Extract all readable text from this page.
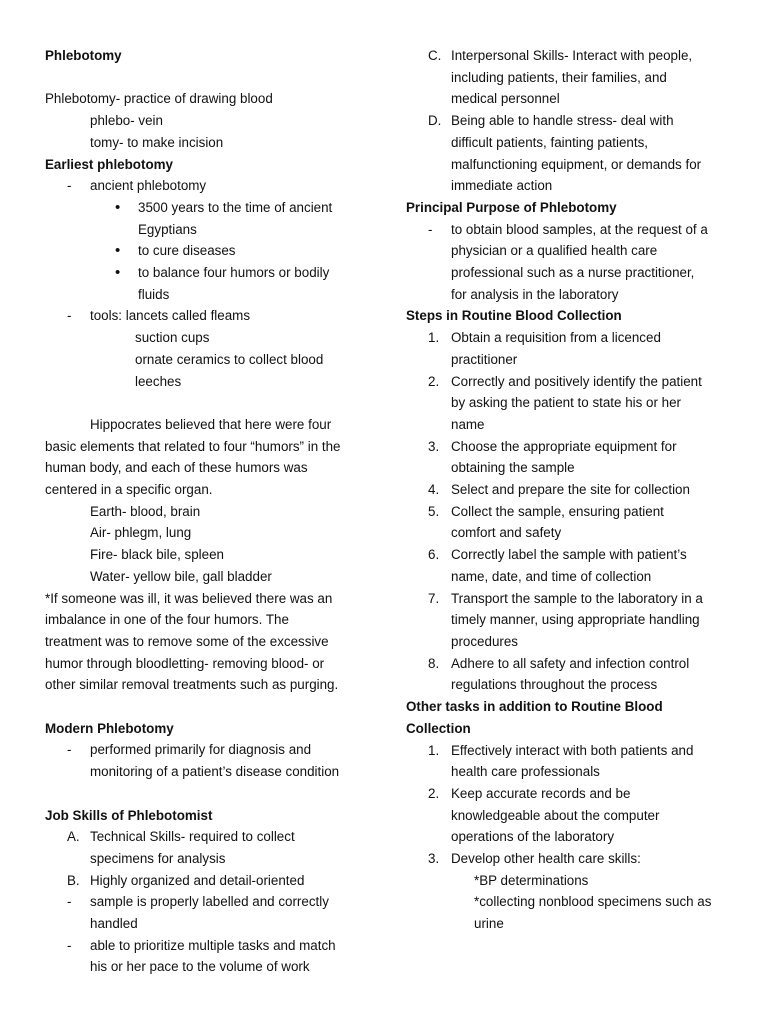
Phlebotomy
Phlebotomy- practice of drawing blood
phlebo- vein
tomy- to make incision
Earliest phlebotomy
-	ancient phlebotomy
•	3500 years to the time of ancient
Egyptians
•	to cure diseases
•	to balance four humors or bodily
fluids
-	tools: lancets called fleams
suction cups
ornate ceramics to collect blood
leeches
Hippocrates believed that here were four
basic elements that related to four “humors” in the
human body, and each of these humors was
centered in a specific organ.
Earth- blood, brain
Air- phlegm, lung
Fire- black bile, spleen
Water- yellow bile, gall bladder
*If someone was ill, it was believed there was an
imbalance in one of the four humors. The
treatment was to remove some of the excessive
humor through bloodletting- removing blood- or
other similar removal treatments such as purging.
Modern Phlebotomy
-	performed primarily for diagnosis and
monitoring of a patient’s disease condition
Job Skills of Phlebotomist
A. Technical Skills- required to collect
specimens for analysis
B. Highly organized and detail-oriented
-	sample is properly labelled and correctly
handled
-	able to prioritize multiple tasks and match
his or her pace to the volume of work
C. Interpersonal Skills- Interact with people,
including patients, their families, and
medical personnel
D. Being able to handle stress- deal with
difficult patients, fainting patients,
malfunctioning equipment, or demands for
immediate action
Principal Purpose of Phlebotomy
-	to obtain blood samples, at the request of a
physician or a qualified health care
professional such as a nurse practitioner,
for analysis in the laboratory
Steps in Routine Blood Collection
1. Obtain a requisition from a licenced
practitioner
2. Correctly and positively identify the patient
by asking the patient to state his or her
name
3. Choose the appropriate equipment for
obtaining the sample
4. Select and prepare the site for collection
5. Collect the sample, ensuring patient
comfort and safety
6. Correctly label the sample with patient’s
name, date, and time of collection
7. Transport the sample to the laboratory in a
timely manner, using appropriate handling
procedures
8. Adhere to all safety and infection control
regulations throughout the process
Other tasks in addition to Routine Blood
Collection
1. Effectively interact with both patients and
health care professionals
2. Keep accurate records and be
knowledgeable about the computer
operations of the laboratory
3. Develop other health care skills:
*BP determinations
*collecting nonblood specimens such as
urine
